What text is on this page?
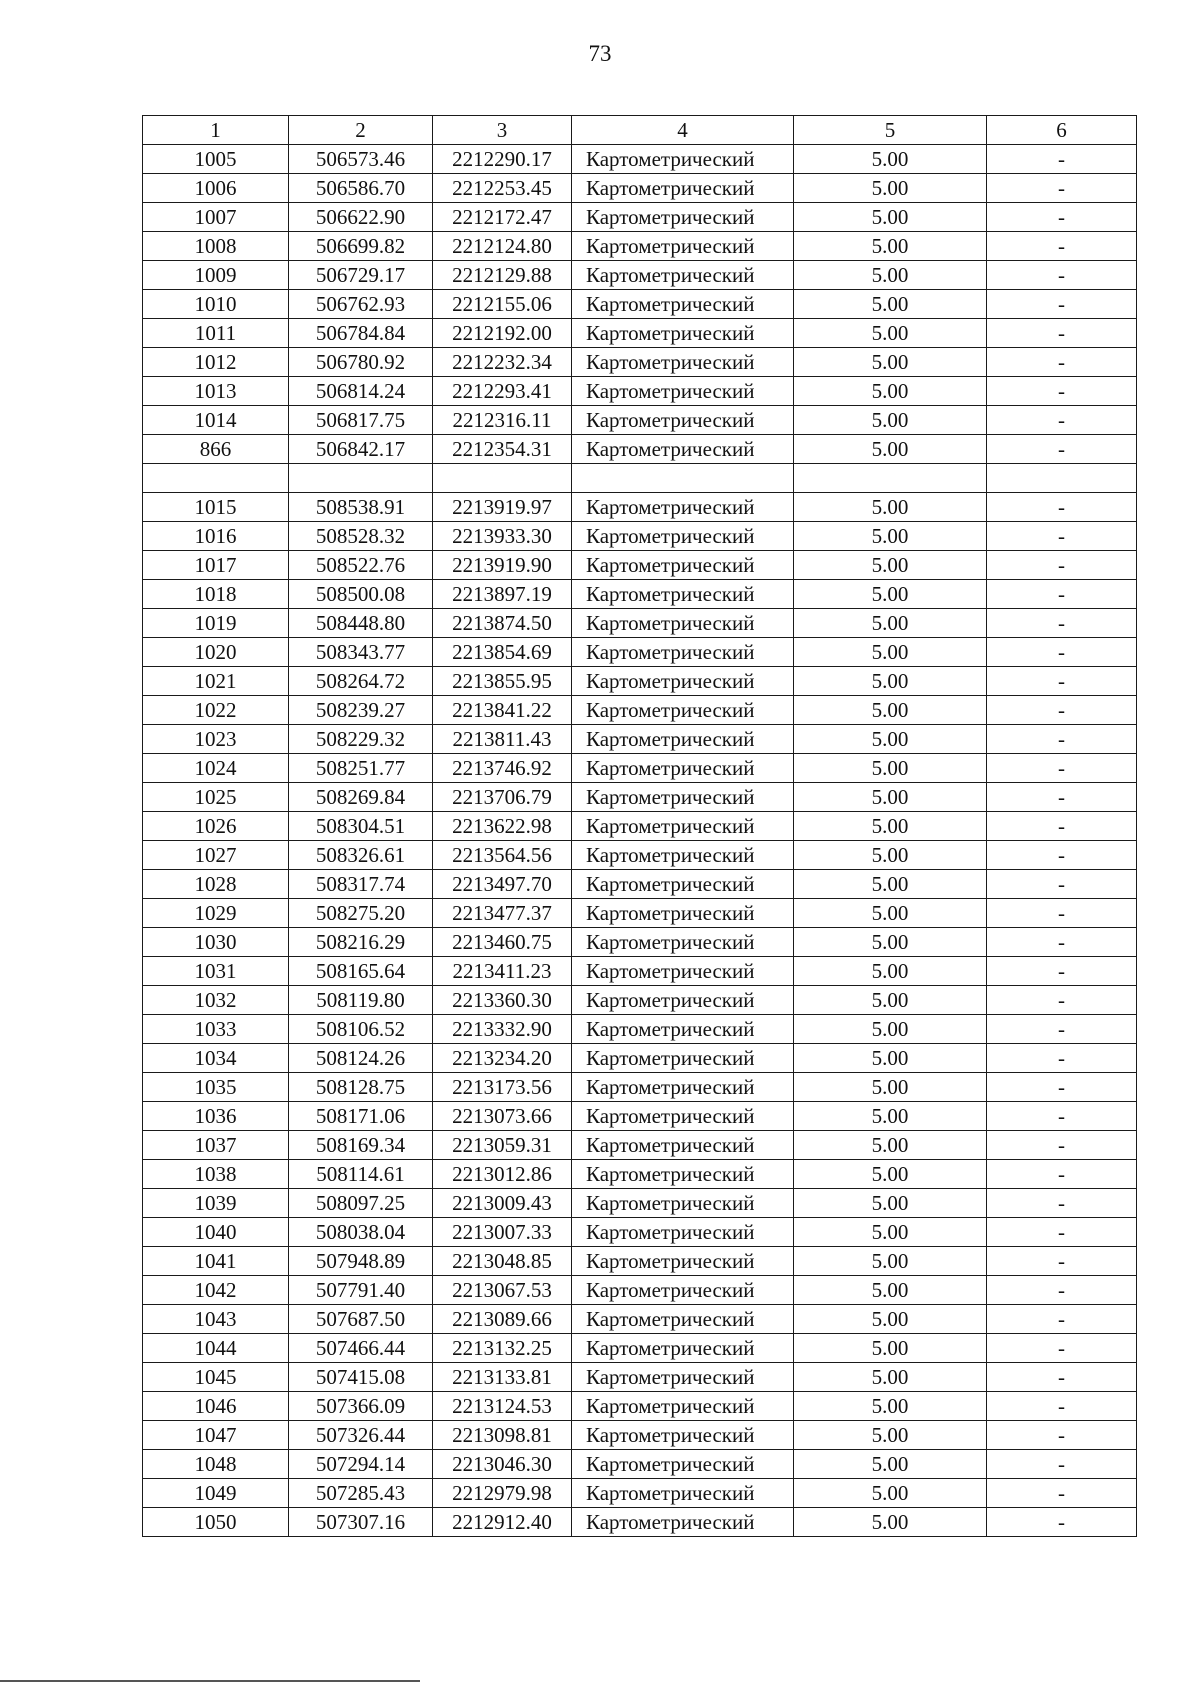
73
1	2	3	4	5	6
1005	506573.46	2212290.17	Картометрический	5.00	-
1006	506586.70	2212253.45	Картометрический	5.00	-
1007	506622.90	2212172.47	Картометрический	5.00	-
1008	506699.82	2212124.80	Картометрический	5.00	-
1009	506729.17	2212129.88	Картометрический	5.00	-
1010	506762.93	2212155.06	Картометрический	5.00	-
1011	506784.84	2212192.00	Картометрический	5.00	-
1012	506780.92	2212232.34	Картометрический	5.00	-
1013	506814.24	2212293.41	Картометрический	5.00	-
1014	506817.75	2212316.11	Картометрический	5.00	-
866	506842.17	2212354.31	Картометрический	5.00	-

1015	508538.91	2213919.97	Картометрический	5.00	-
1016	508528.32	2213933.30	Картометрический	5.00	-
1017	508522.76	2213919.90	Картометрический	5.00	-
1018	508500.08	2213897.19	Картометрический	5.00	-
1019	508448.80	2213874.50	Картометрический	5.00	-
1020	508343.77	2213854.69	Картометрический	5.00	-
1021	508264.72	2213855.95	Картометрический	5.00	-
1022	508239.27	2213841.22	Картометрический	5.00	-
1023	508229.32	2213811.43	Картометрический	5.00	-
1024	508251.77	2213746.92	Картометрический	5.00	-
1025	508269.84	2213706.79	Картометрический	5.00	-
1026	508304.51	2213622.98	Картометрический	5.00	-
1027	508326.61	2213564.56	Картометрический	5.00	-
1028	508317.74	2213497.70	Картометрический	5.00	-
1029	508275.20	2213477.37	Картометрический	5.00	-
1030	508216.29	2213460.75	Картометрический	5.00	-
1031	508165.64	2213411.23	Картометрический	5.00	-
1032	508119.80	2213360.30	Картометрический	5.00	-
1033	508106.52	2213332.90	Картометрический	5.00	-
1034	508124.26	2213234.20	Картометрический	5.00	-
1035	508128.75	2213173.56	Картометрический	5.00	-
1036	508171.06	2213073.66	Картометрический	5.00	-
1037	508169.34	2213059.31	Картометрический	5.00	-
1038	508114.61	2213012.86	Картометрический	5.00	-
1039	508097.25	2213009.43	Картометрический	5.00	-
1040	508038.04	2213007.33	Картометрический	5.00	-
1041	507948.89	2213048.85	Картометрический	5.00	-
1042	507791.40	2213067.53	Картометрический	5.00	-
1043	507687.50	2213089.66	Картометрический	5.00	-
1044	507466.44	2213132.25	Картометрический	5.00	-
1045	507415.08	2213133.81	Картометрический	5.00	-
1046	507366.09	2213124.53	Картометрический	5.00	-
1047	507326.44	2213098.81	Картометрический	5.00	-
1048	507294.14	2213046.30	Картометрический	5.00	-
1049	507285.43	2212979.98	Картометрический	5.00	-
1050	507307.16	2212912.40	Картометрический	5.00	-
